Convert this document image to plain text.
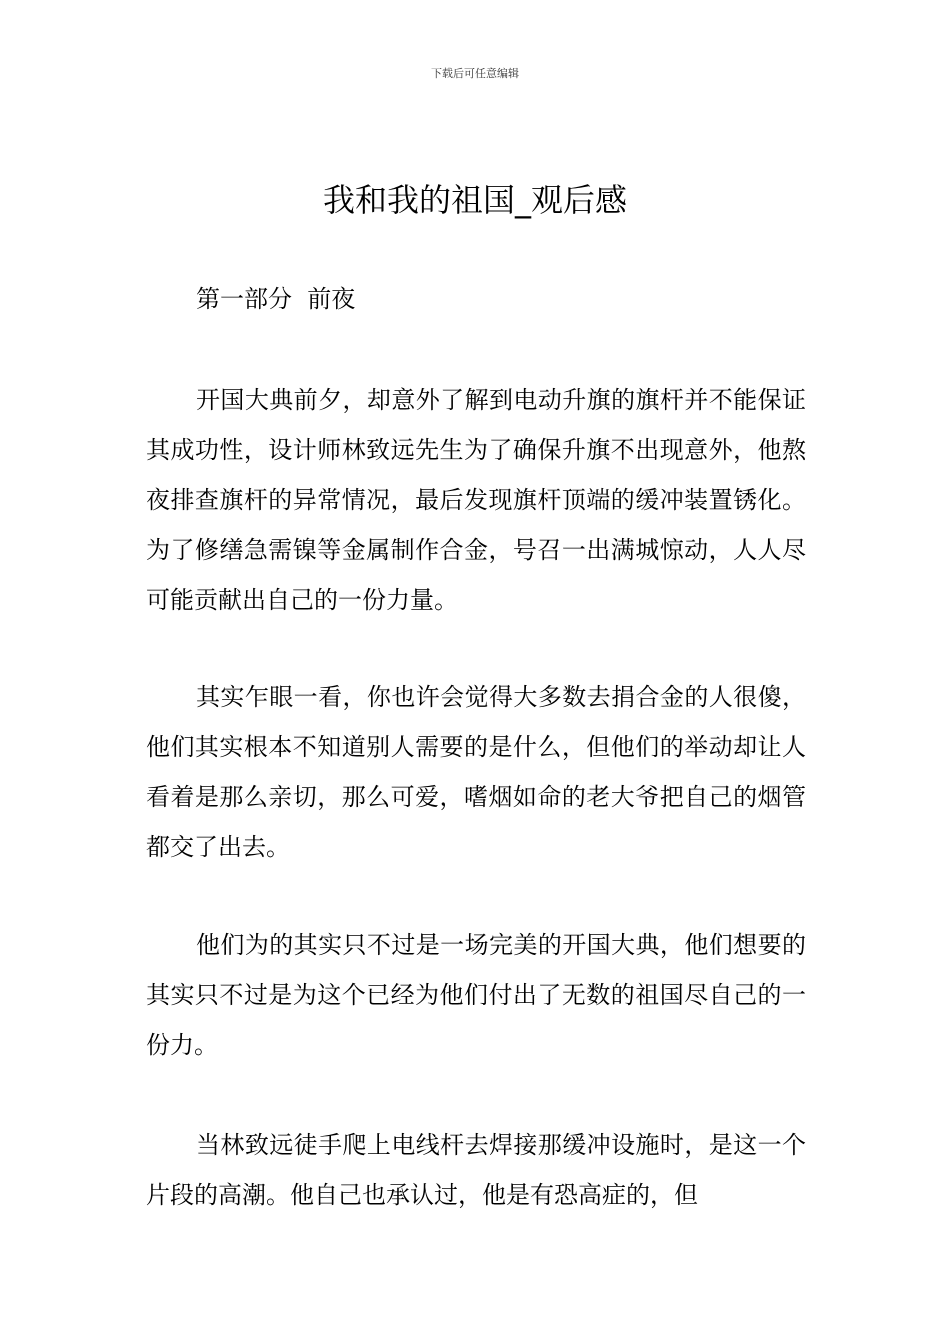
下载后可任意编辑
我和我的祖国_观后感
第一部分  前夜

开国大典前夕，却意外了解到电动升旗的旗杆并不能保证其成功性，设计师林致远先生为了确保升旗不出现意外，他熬夜排查旗杆的异常情况，最后发现旗杆顶端的缓冲装置锈化。为了修缮急需镍等金属制作合金，号召一出满城惊动，人人尽可能贡献出自己的一份力量。

其实乍眼一看，你也许会觉得大多数去捐合金的人很傻，他们其实根本不知道别人需要的是什么，但他们的举动却让人看着是那么亲切，那么可爱，嗜烟如命的老大爷把自己的烟管都交了出去。

他们为的其实只不过是一场完美的开国大典，他们想要的其实只不过是为这个已经为他们付出了无数的祖国尽自己的一份力。

当林致远徒手爬上电线杆去焊接那缓冲设施时，是这一个片段的高潮。他自己也承认过，他是有恐高症的，但
